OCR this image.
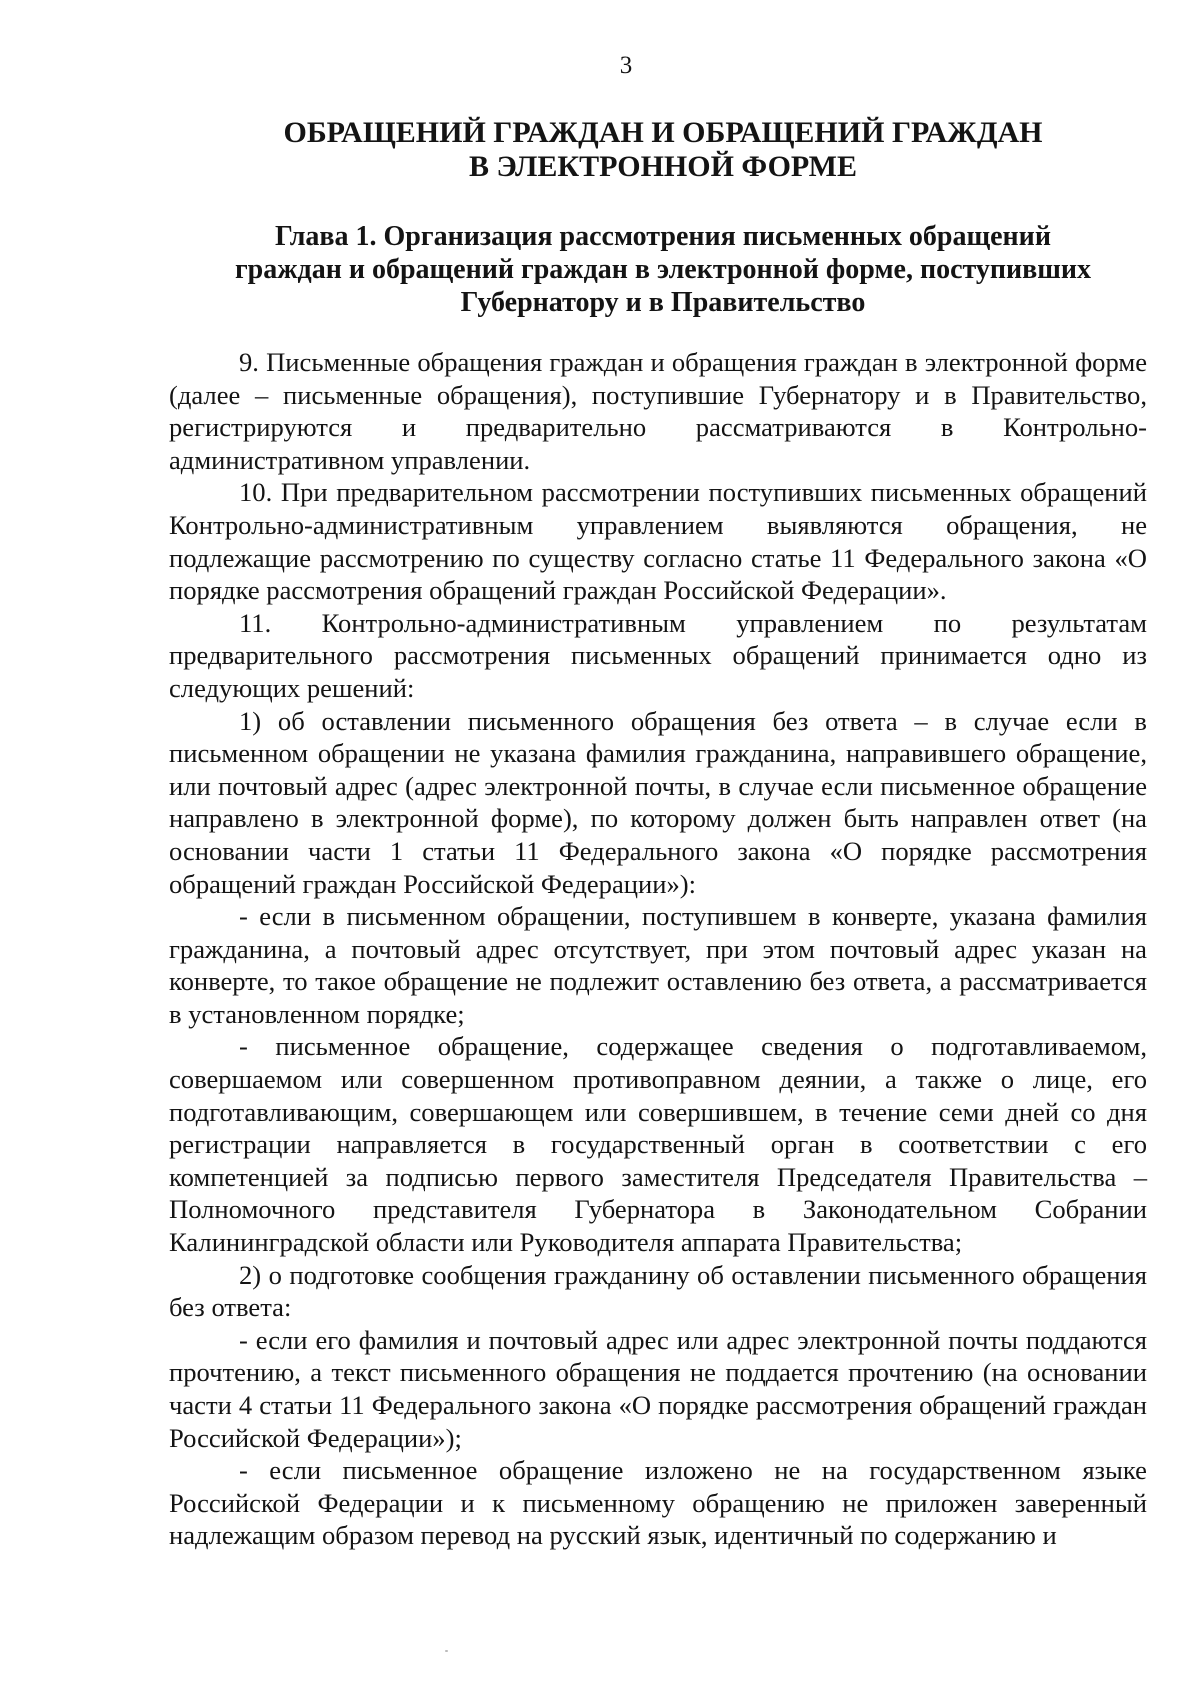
3
ОБРАЩЕНИЙ ГРАЖДАН И ОБРАЩЕНИЙ ГРАЖДАН
В ЭЛЕКТРОННОЙ ФОРМЕ
Глава 1. Организация рассмотрения письменных обращений
граждан и обращений граждан в электронной форме, поступивших
Губернатору и в Правительство

9. Письменные обращения граждан и обращения граждан в электронной форме (далее – письменные обращения), поступившие Губернатору и в Правительство, регистрируются и предварительно рассматриваются в Контрольно-административном управлении.

10. При предварительном рассмотрении поступивших письменных обращений Контрольно-административным управлением выявляются обращения, не подлежащие рассмотрению по существу согласно статье 11 Федерального закона «О порядке рассмотрения обращений граждан Российской Федерации».

11. Контрольно-административным управлением по результатам предварительного рассмотрения письменных обращений принимается одно из следующих решений:

1) об оставлении письменного обращения без ответа – в случае если в письменном обращении не указана фамилия гражданина, направившего обращение, или почтовый адрес (адрес электронной почты, в случае если письменное обращение направлено в электронной форме), по которому должен быть направлен ответ (на основании части 1 статьи 11 Федерального закона «О порядке рассмотрения обращений граждан Российской Федерации»):

- если в письменном обращении, поступившем в конверте, указана фамилия гражданина, а почтовый адрес отсутствует, при этом почтовый адрес указан на конверте, то такое обращение не подлежит оставлению без ответа, а рассматривается в установленном порядке;

- письменное обращение, содержащее сведения о подготавливаемом, совершаемом или совершенном противоправном деянии, а также о лице, его подготавливающим, совершающем или совершившем, в течение семи дней со дня регистрации направляется в государственный орган в соответствии с его компетенцией за подписью первого заместителя Председателя Правительства – Полномочного представителя Губернатора в Законодательном Собрании Калининградской области или Руководителя аппарата Правительства;

2) о подготовке сообщения гражданину об оставлении письменного обращения без ответа:

- если его фамилия и почтовый адрес или адрес электронной почты поддаются прочтению, а текст письменного обращения не поддается прочтению (на основании части 4 статьи 11 Федерального закона «О порядке рассмотрения обращений граждан Российской Федерации»);

- если письменное обращение изложено не на государственном языке Российской Федерации и к письменному обращению не приложен заверенный надлежащим образом перевод на русский язык, идентичный по содержанию и
